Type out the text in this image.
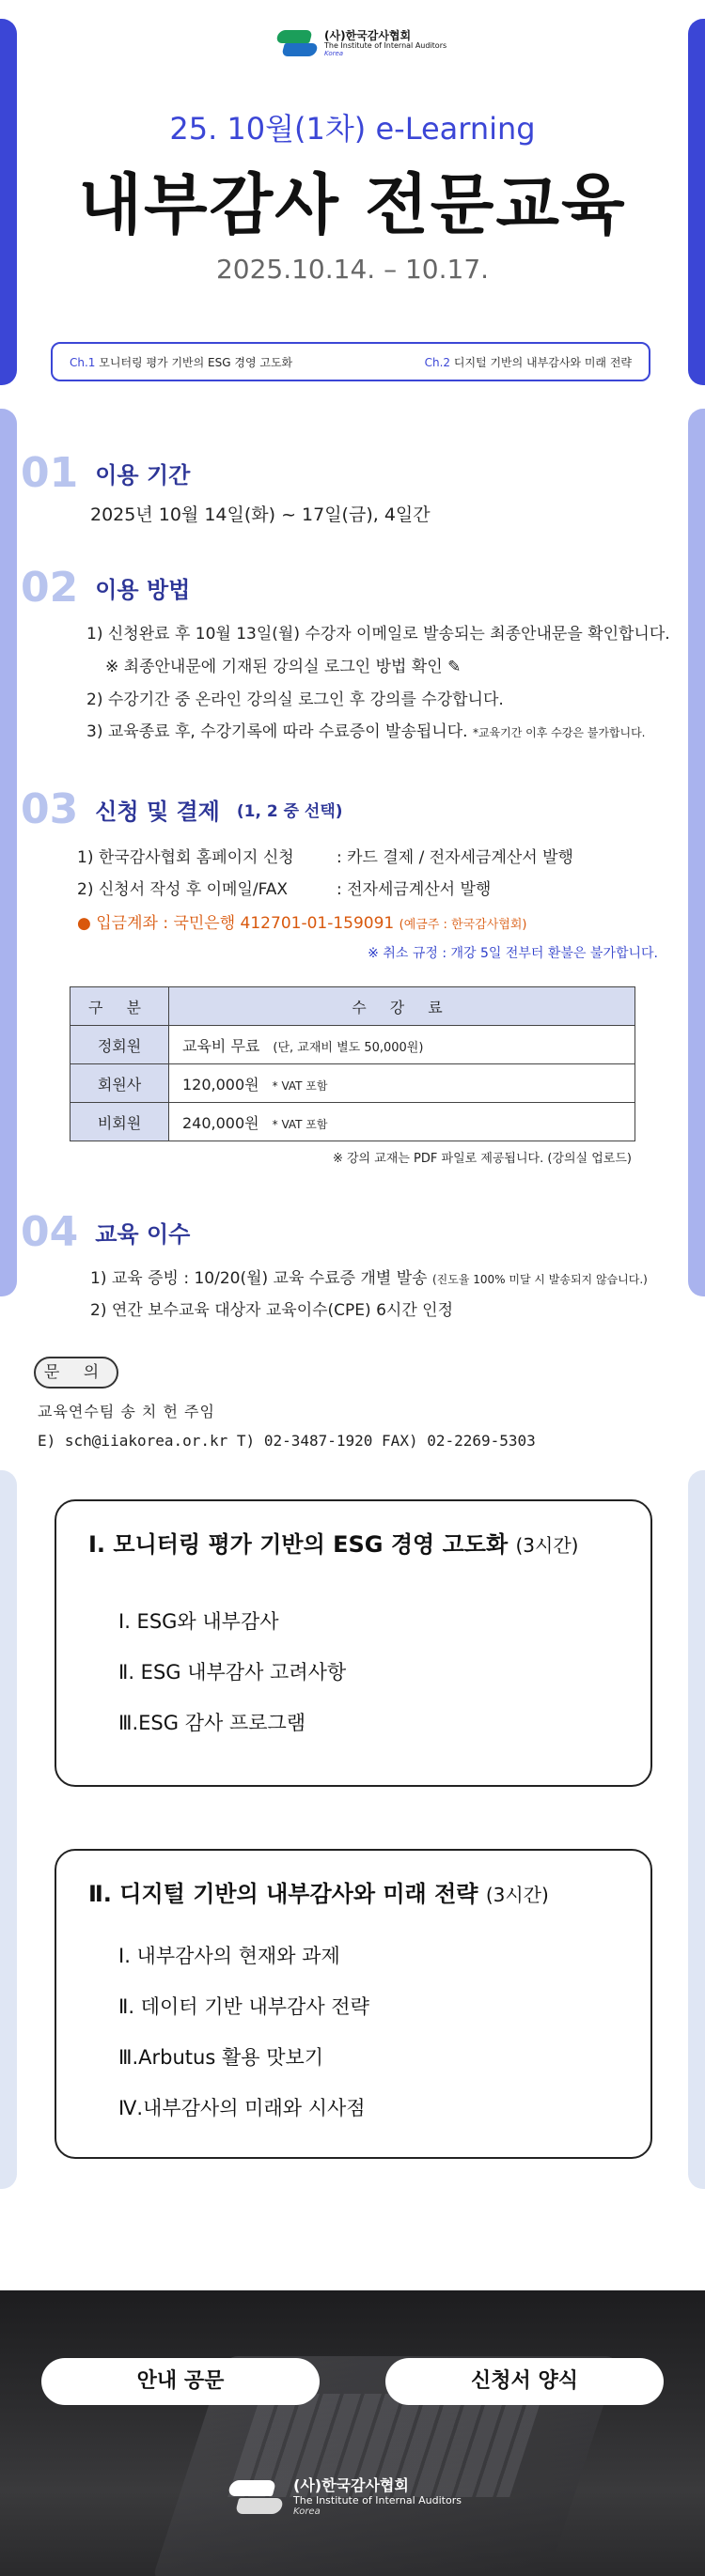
(사)한국감사협회
The Institute of Internal Auditors
Korea
25. 10월(1차) e-Learning
내부감사 전문교육
2025.10.14. – 10.17.
Ch.1 모니터링 평가 기반의 ESG 경영 고도화	Ch.2 디지털 기반의 내부감사와 미래 전략
01 이용 기간
2025년 10월 14일(화) ~ 17일(금), 4일간
02 이용 방법
1) 신청완료 후 10월 13일(월) 수강자 이메일로 발송되는 최종안내문을 확인합니다.
※ 최종안내문에 기재된 강의실 로그인 방법 확인 ✎
2) 수강기간 중 온라인 강의실 로그인 후 강의를 수강합니다.
3) 교육종료 후, 수강기록에 따라 수료증이 발송됩니다. *교육기간 이후 수강은 불가합니다.
03 신청 및 결제 (1, 2 중 선택)
1) 한국감사협회 홈페이지 신청	: 카드 결제 / 전자세금계산서 발행
2) 신청서 작성 후 이메일/FAX	: 전자세금계산서 발행
● 입금계좌 : 국민은행 412701-01-159091 (예금주 : 한국감사협회)
※ 취소 규정 : 개강 5일 전부터 환불은 불가합니다.
구 분	수 강 료
정회원	교육비 무료 (단, 교재비 별도 50,000원)
회원사	120,000원 * VAT 포함
비회원	240,000원 * VAT 포함
※ 강의 교재는 PDF 파일로 제공됩니다. (강의실 업로드)
04 교육 이수
1) 교육 증빙 : 10/20(월) 교육 수료증 개별 발송 (진도율 100% 미달 시 발송되지 않습니다.)
2) 연간 보수교육 대상자 교육이수(CPE) 6시간 인정
문 의
교육연수팀 송 치 헌 주임
E) sch@iiakorea.or.kr T) 02-3487-1920 FAX) 02-2269-5303
Ⅰ. 모니터링 평가 기반의 ESG 경영 고도화 (3시간)
Ⅰ. ESG와 내부감사
Ⅱ. ESG 내부감사 고려사항
Ⅲ.ESG 감사 프로그램
Ⅱ. 디지털 기반의 내부감사와 미래 전략 (3시간)
Ⅰ. 내부감사의 현재와 과제
Ⅱ. 데이터 기반 내부감사 전략
Ⅲ.Arbutus 활용 맛보기
Ⅳ.내부감사의 미래와 시사점
안내 공문	신청서 양식
(사)한국감사협회
The Institute of Internal Auditors
Korea
